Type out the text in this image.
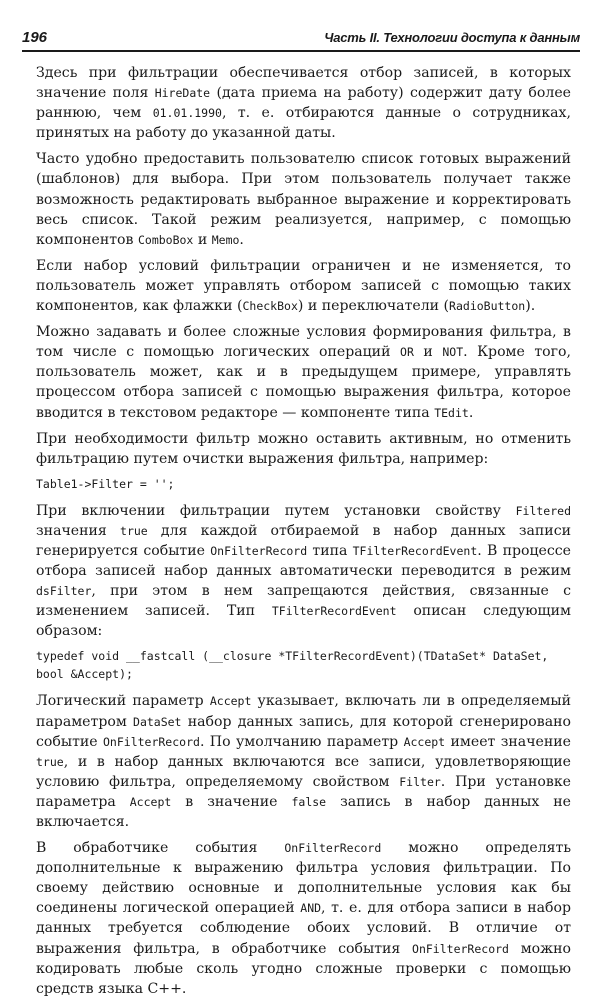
196	Часть II. Технологии доступа к данным

Здесь при фильтрации обеспечивается отбор записей, в которых значение поля HireDate (дата приема на работу) содержит дату более раннюю, чем 01.01.1990, т. е. отбираются данные о сотрудниках, принятых на работу до указанной даты.

Часто удобно предоставить пользователю список готовых выражений (шаблонов) для выбора. При этом пользователь получает также возможность редактировать выбранное выражение и корректировать весь список. Такой режим реализуется, например, с помощью компонентов ComboBox и Memo.

Если набор условий фильтрации ограничен и не изменяется, то пользователь может управлять отбором записей с помощью таких компонентов, как флажки (CheckBox) и переключатели (RadioButton).

Можно задавать и более сложные условия формирования фильтра, в том числе с помощью логических операций OR и NOT. Кроме того, пользователь может, как и в предыдущем примере, управлять процессом отбора записей с помощью выражения фильтра, которое вводится в текстовом редакторе — компоненте типа TEdit.

При необходимости фильтр можно оставить активным, но отменить фильтрацию путем очистки выражения фильтра, например:

Table1->Filter = '';

При включении фильтрации путем установки свойству Filtered значения true для каждой отбираемой в набор данных записи генерируется событие OnFilterRecord типа TFilterRecordEvent. В процессе отбора записей набор данных автоматически переводится в режим dsFilter, при этом в нем запрещаются действия, связанные с изменением записей. Тип TFilterRecordEvent описан следующим образом:

typedef void __fastcall (__closure *TFilterRecordEvent)(TDataSet* DataSet, bool &Accept);

Логический параметр Accept указывает, включать ли в определяемый параметром DataSet набор данных запись, для которой сгенерировано событие OnFilterRecord. По умолчанию параметр Accept имеет значение true, и в набор данных включаются все записи, удовлетворяющие условию фильтра, определяемому свойством Filter. При установке параметра Accept в значение false запись в набор данных не включается.

В обработчике события OnFilterRecord можно определять дополнительные к выражению фильтра условия фильтрации. По своему действию основные и дополнительные условия как бы соединены логической операцией AND, т. е. для отбора записи в набор данных требуется соблюдение обоих условий. В отличие от выражения фильтра, в обработчике события OnFilterRecord можно кодировать любые сколь угодно сложные проверки с помощью средств языка C++.
